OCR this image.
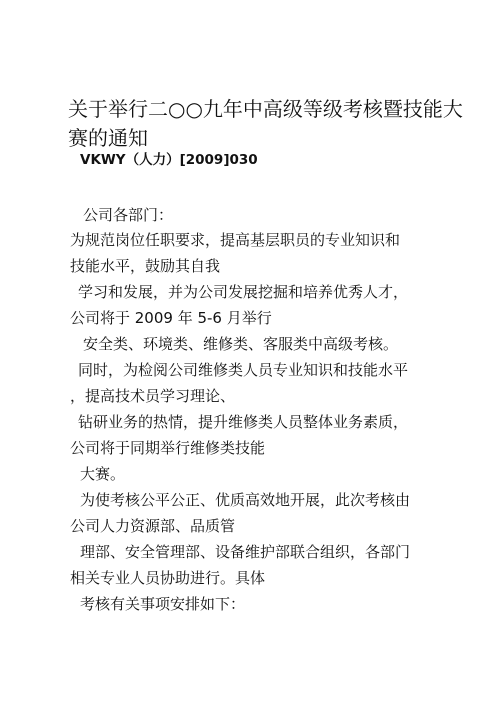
关于举行二○○九年中高级等级考核暨技能大赛的通知
VKWY（人力）[2009]030
公司各部门：
为规范岗位任职要求，提高基层职员的专业知识和
技能水平，鼓励其自我
学习和发展，并为公司发展挖掘和培养优秀人才，
公司将于 2009 年 5-6 月举行
安全类、环境类、维修类、客服类中高级考核。
同时，为检阅公司维修类人员专业知识和技能水平
，提高技术员学习理论、
钻研业务的热情，提升维修类人员整体业务素质，
公司将于同期举行维修类技能
大赛。
为使考核公平公正、优质高效地开展，此次考核由
公司人力资源部、品质管
理部、安全管理部、设备维护部联合组织，各部门
相关专业人员协助进行。具体
考核有关事项安排如下：
